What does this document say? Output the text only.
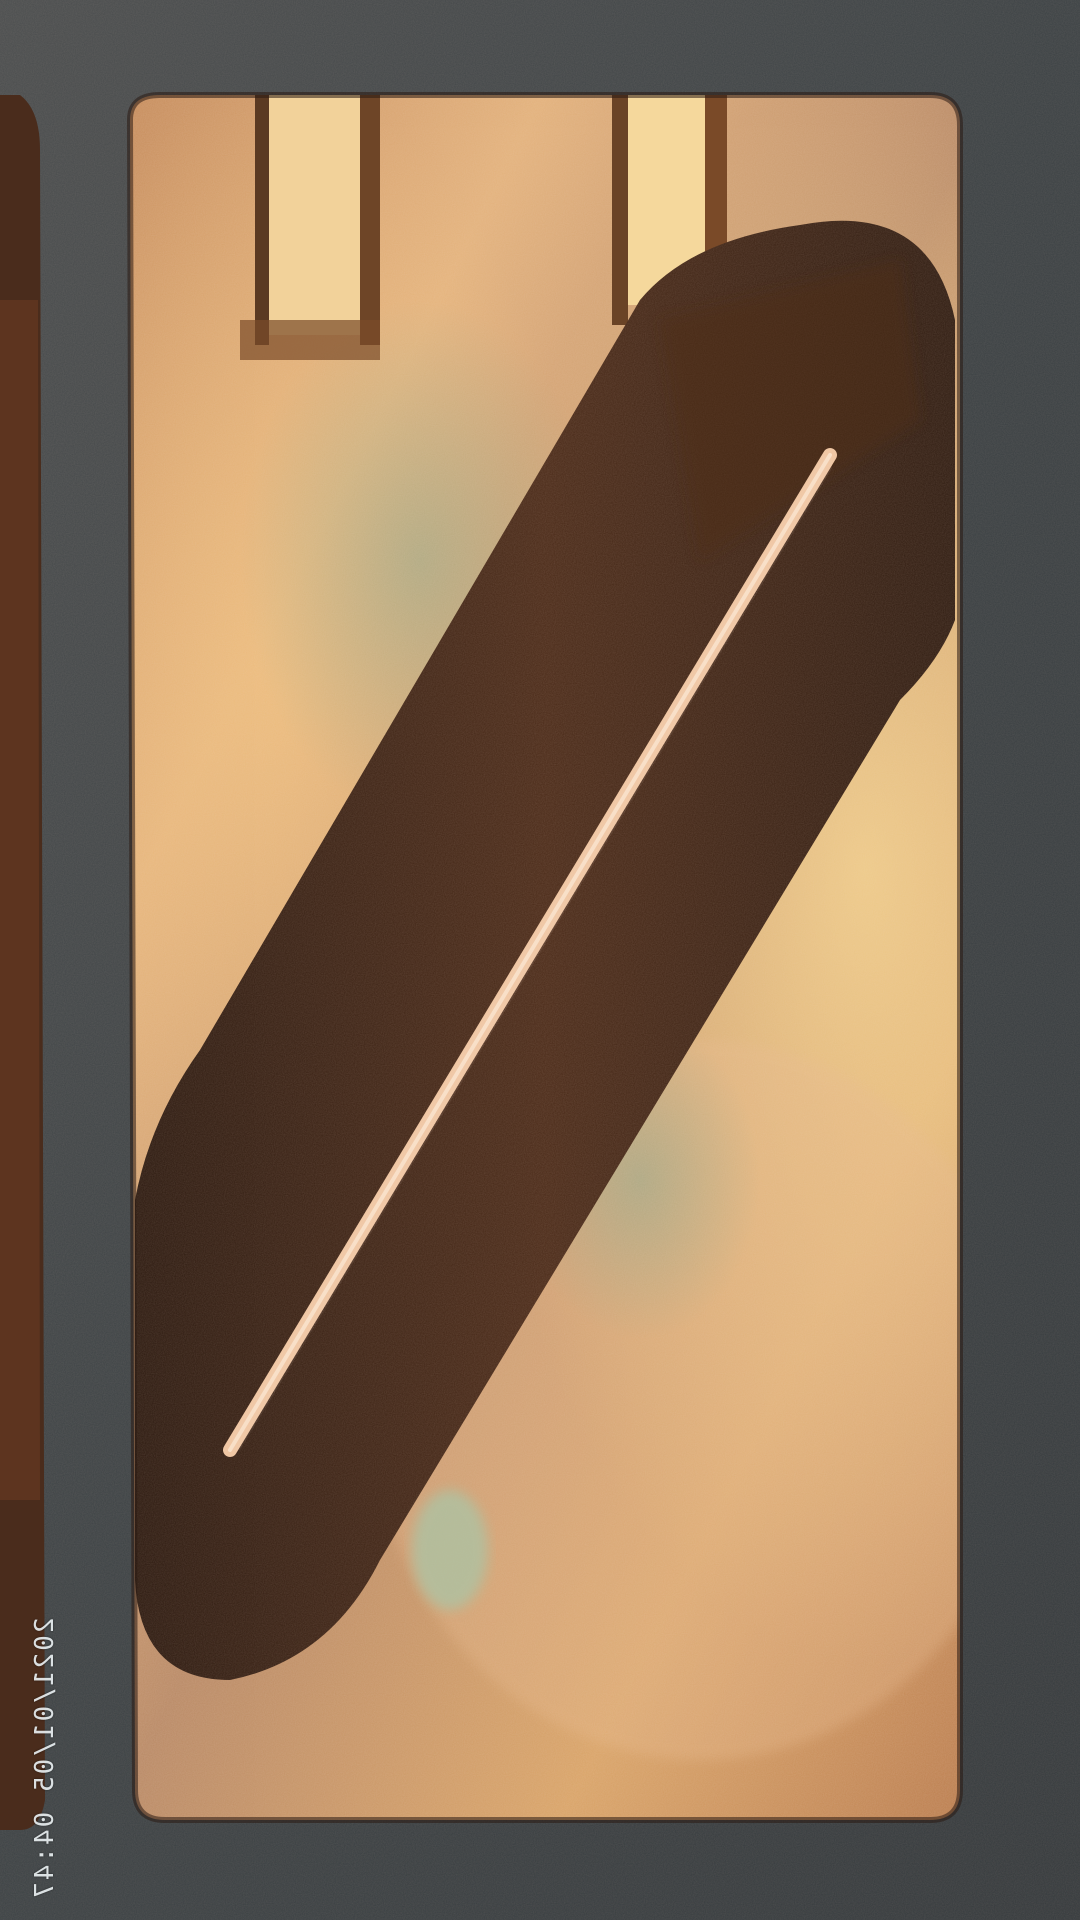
2021/01/05 04:47
